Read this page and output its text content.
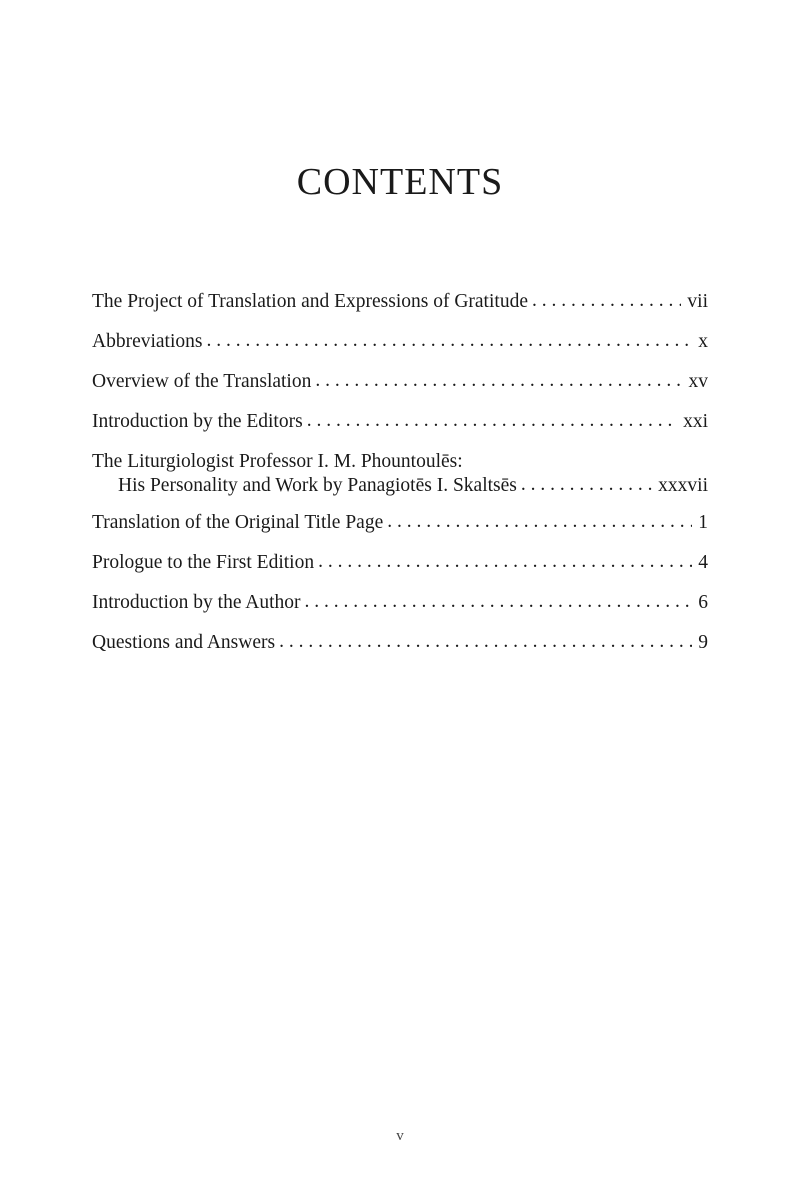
CONTENTS
The Project of Translation and Expressions of Gratitude . . .	vii
Abbreviations . . .	x
Overview of the Translation . . .	xv
Introduction by the Editors . . .	xxi
The Liturgiologist Professor I. M. Phountoulēs:
His Personality and Work by Panagiotēs I. Skaltsēs . . .	xxxvii
Translation of the Original Title Page . . .	1
Prologue to the First Edition . . .	4
Introduction by the Author . . .	6
Questions and Answers . . .	9
v
